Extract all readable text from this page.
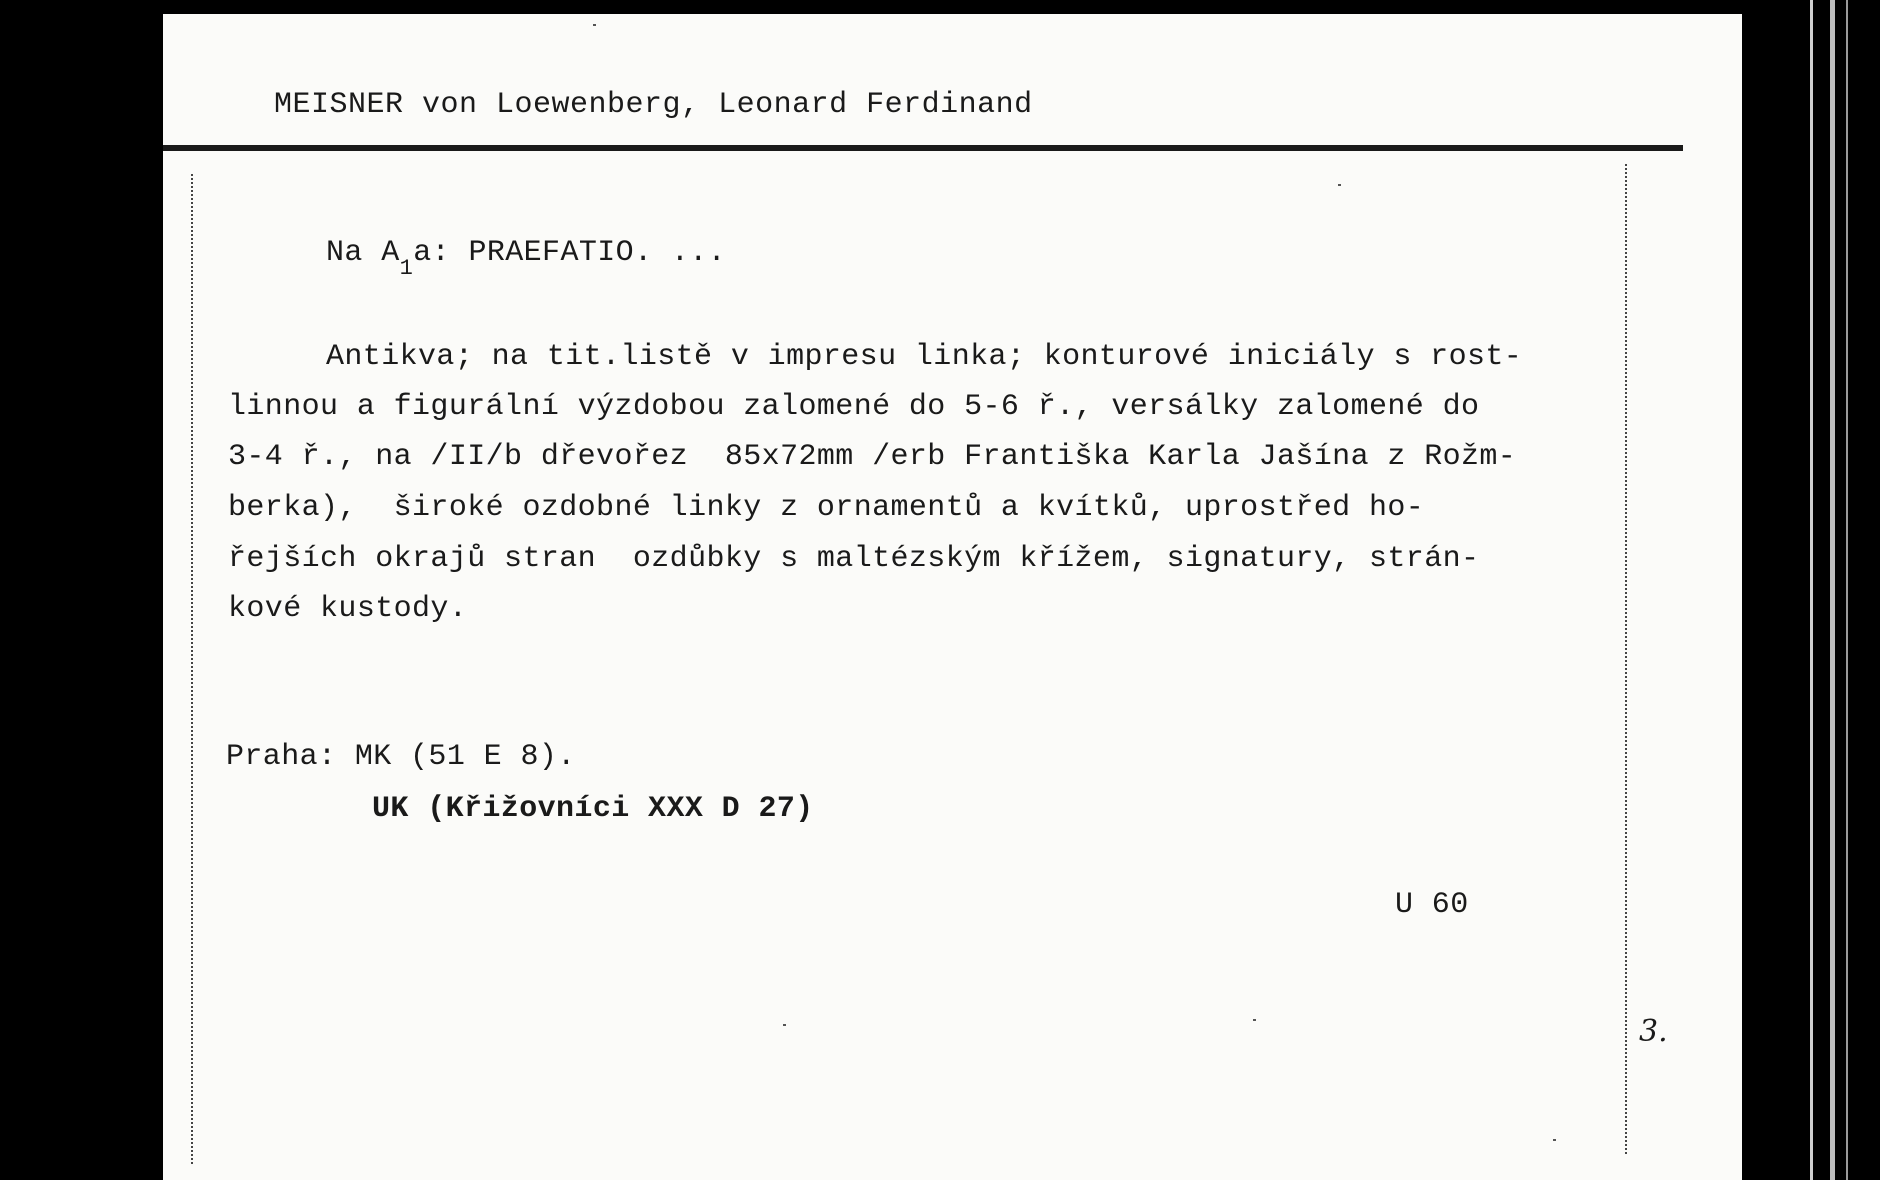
MEISNER von Loewenberg, Leonard Ferdinand
Na $A_1a$: PRAEFATIO. ...
Antikva; na tit.listě v impresu linka; konturové iniciály s rost-
linnou a figurální výzdobou zalomené do 5-6 ř., versálky zalomené do
3-4 ř., na /II/b dřevořez  85x72mm /erb Františka Karla Jašína z Rožm-
berka),  široké ozdobné linky z ornamentů a kvítků, uprostřed ho-
řejších okrajů stran  ozdůbky s maltézským křížem, signatury, strán-
kové kustody.
Praha: MK (51 E 8).
UK (Křižovníci XXX D 27)
U 60
3.
